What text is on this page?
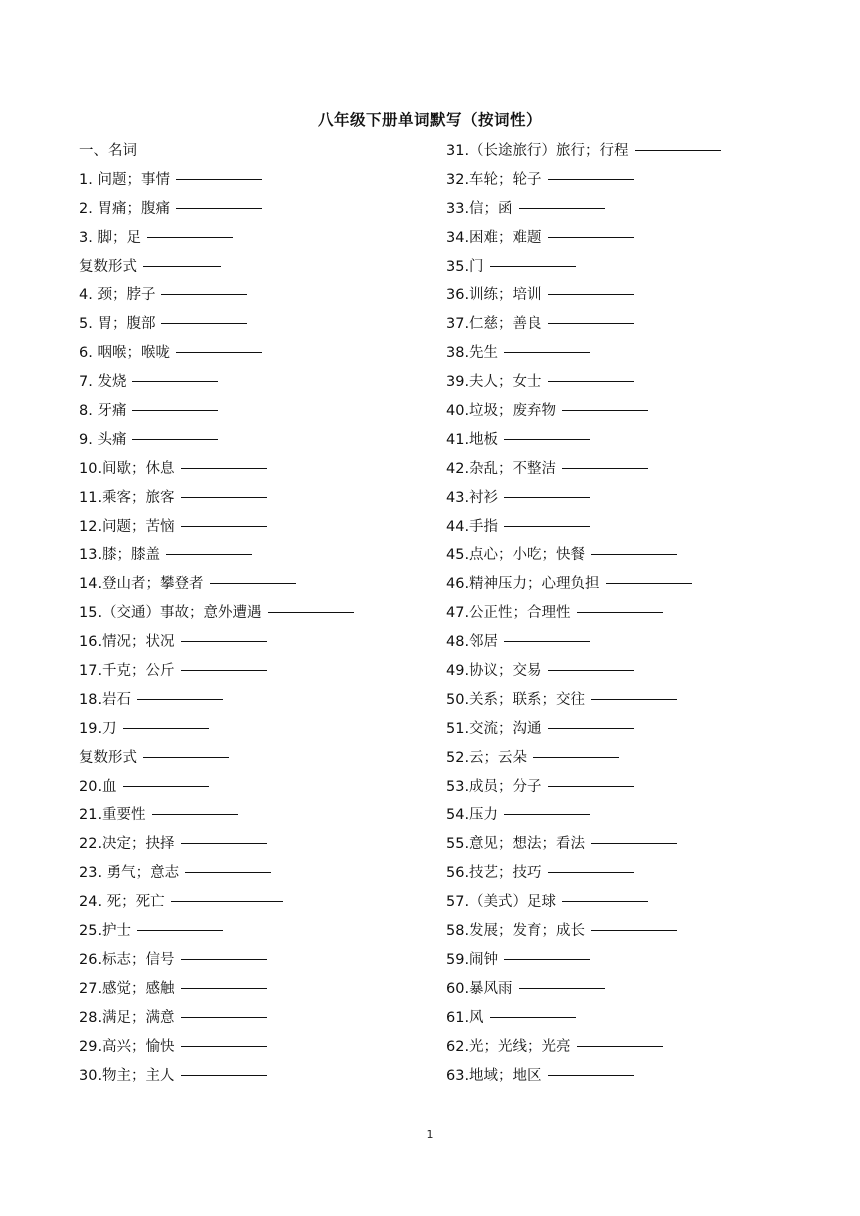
八年级下册单词默写（按词性）
一、名词
1. 问题；事情
2. 胃痛；腹痛
3. 脚；足
复数形式
4. 颈；脖子
5. 胃；腹部
6. 咽喉；喉咙
7. 发烧
8. 牙痛
9. 头痛
10.间歇；休息
11.乘客；旅客
12.问题；苦恼
13.膝；膝盖
14.登山者；攀登者
15.（交通）事故；意外遭遇
16.情况；状况
17.千克；公斤
18.岩石
19.刀
复数形式
20.血
21.重要性
22.决定；抉择
23. 勇气；意志
24. 死；死亡
25.护士
26.标志；信号
27.感觉；感触
28.满足；满意
29.高兴；愉快
30.物主；主人
31.（长途旅行）旅行；行程
32.车轮；轮子
33.信；函
34.困难；难题
35.门
36.训练；培训
37.仁慈；善良
38.先生
39.夫人；女士
40.垃圾；废弃物
41.地板
42.杂乱；不整洁
43.衬衫
44.手指
45.点心；小吃；快餐
46.精神压力；心理负担
47.公正性；合理性
48.邻居
49.协议；交易
50.关系；联系；交往
51.交流；沟通
52.云；云朵
53.成员；分子
54.压力
55.意见；想法；看法
56.技艺；技巧
57.（美式）足球
58.发展；发育；成长
59.闹钟
60.暴风雨
61.风
62.光；光线；光亮
63.地域；地区
1
